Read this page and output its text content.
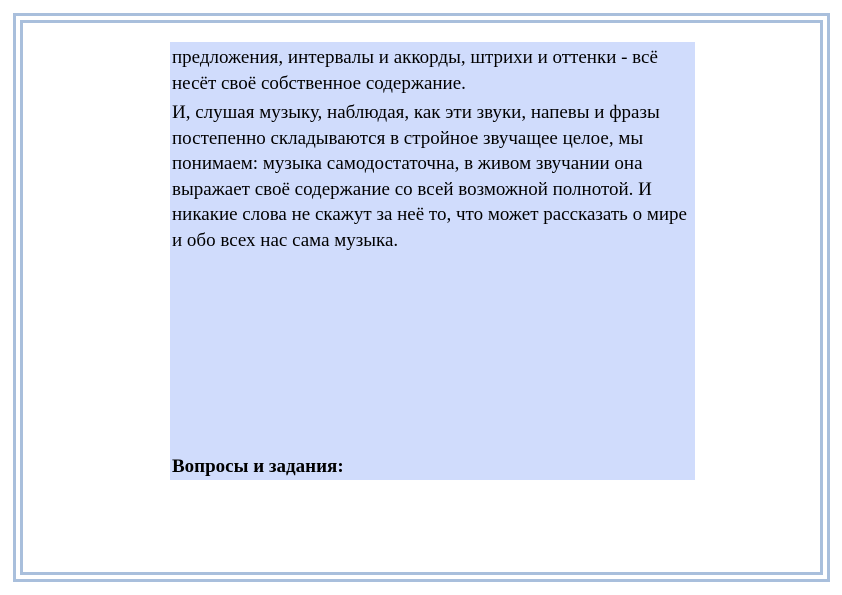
предложения, интервалы и аккорды, штрихи и оттенки - всё несёт своё собственное содержание.

И, слушая музыку, наблюдая, как эти звуки, напевы и фразы постепенно складываются в стройное звучащее целое, мы понимаем: музыка самодостаточна, в живом звучании она выражает своё содержание со всей возможной полнотой. И никакие слова не скажут за неё то, что может рассказать о мире и обо всех нас сама музыка.

Вопросы и задания:
